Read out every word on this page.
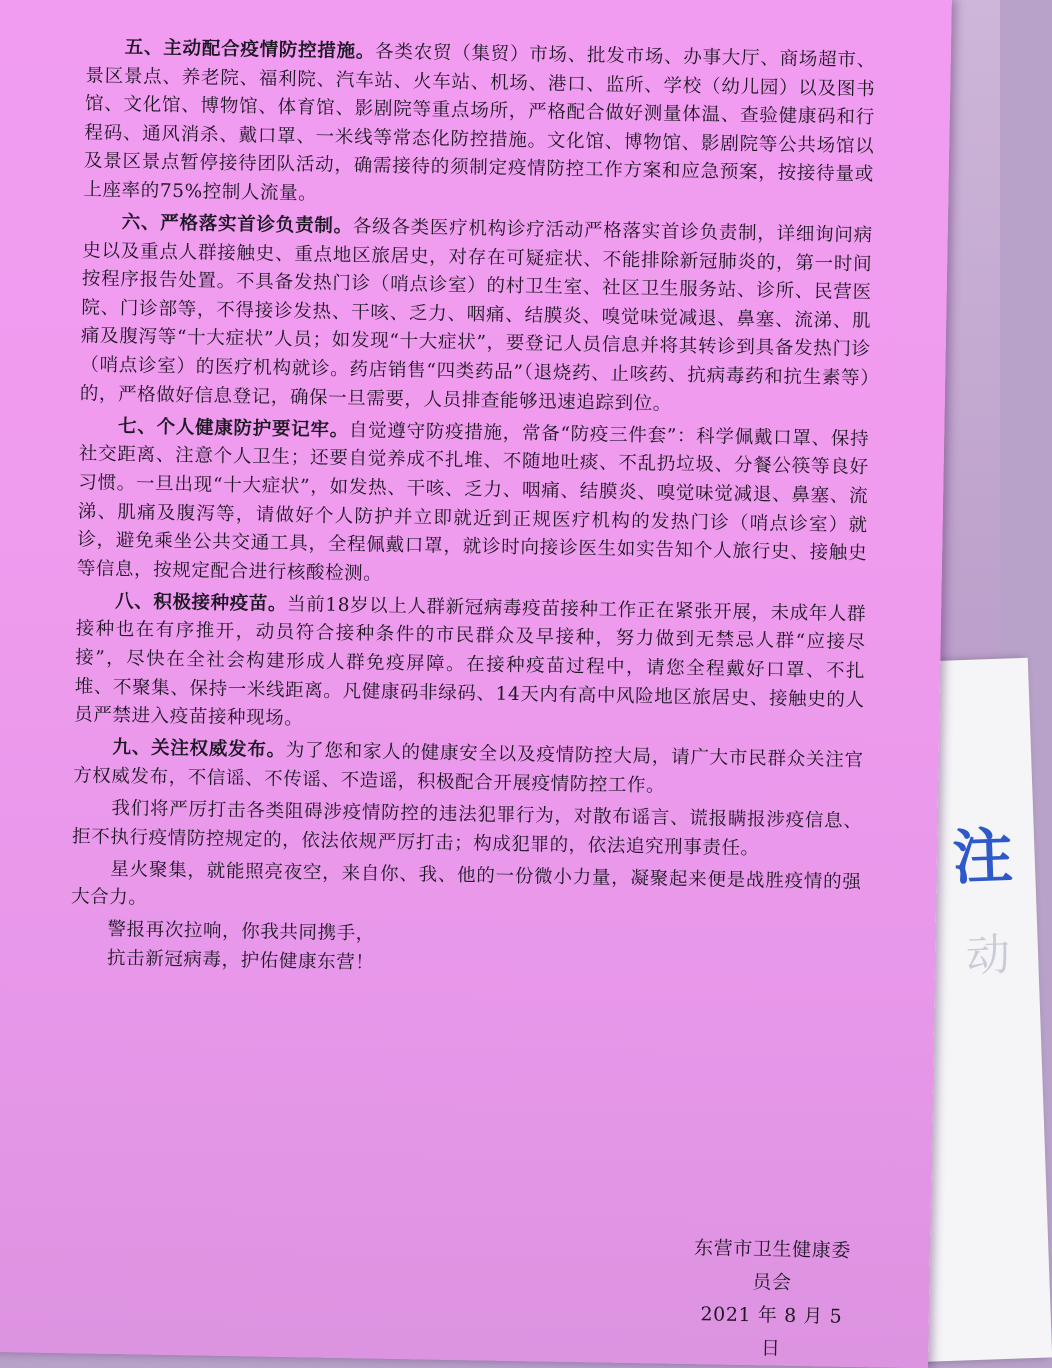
注
动

五、主动配合疫情防控措施。各类农贸（集贸）市场、批发市场、办事大厅、商场超市、景区景点、养老院、福利院、汽车站、火车站、机场、港口、监所、学校（幼儿园）以及图书馆、文化馆、博物馆、体育馆、影剧院等重点场所，严格配合做好测量体温、查验健康码和行程码、通风消杀、戴口罩、一米线等常态化防控措施。文化馆、博物馆、影剧院等公共场馆以及景区景点暂停接待团队活动，确需接待的须制定疫情防控工作方案和应急预案，按接待量或上座率的75%控制人流量。

六、严格落实首诊负责制。各级各类医疗机构诊疗活动严格落实首诊负责制，详细询问病史以及重点人群接触史、重点地区旅居史，对存在可疑症状、不能排除新冠肺炎的，第一时间按程序报告处置。不具备发热门诊（哨点诊室）的村卫生室、社区卫生服务站、诊所、民营医院、门诊部等，不得接诊发热、干咳、乏力、咽痛、结膜炎、嗅觉味觉减退、鼻塞、流涕、肌痛及腹泻等“十大症状”人员；如发现“十大症状”，要登记人员信息并将其转诊到具备发热门诊（哨点诊室）的医疗机构就诊。药店销售“四类药品”（退烧药、止咳药、抗病毒药和抗生素等）的，严格做好信息登记，确保一旦需要，人员排查能够迅速追踪到位。

七、个人健康防护要记牢。自觉遵守防疫措施，常备“防疫三件套”：科学佩戴口罩、保持社交距离、注意个人卫生；还要自觉养成不扎堆、不随地吐痰、不乱扔垃圾、分餐公筷等良好习惯。一旦出现“十大症状”，如发热、干咳、乏力、咽痛、结膜炎、嗅觉味觉减退、鼻塞、流涕、肌痛及腹泻等，请做好个人防护并立即就近到正规医疗机构的发热门诊（哨点诊室）就诊，避免乘坐公共交通工具，全程佩戴口罩，就诊时向接诊医生如实告知个人旅行史、接触史等信息，按规定配合进行核酸检测。

八、积极接种疫苗。当前18岁以上人群新冠病毒疫苗接种工作正在紧张开展，未成年人群接种也在有序推开，动员符合接种条件的市民群众及早接种，努力做到无禁忌人群“应接尽接”，尽快在全社会构建形成人群免疫屏障。在接种疫苗过程中，请您全程戴好口罩、不扎堆、不聚集、保持一米线距离。凡健康码非绿码、14天内有高中风险地区旅居史、接触史的人员严禁进入疫苗接种现场。

九、关注权威发布。为了您和家人的健康安全以及疫情防控大局，请广大市民群众关注官方权威发布，不信谣、不传谣、不造谣，积极配合开展疫情防控工作。

我们将严厉打击各类阻碍涉疫情防控的违法犯罪行为，对散布谣言、谎报瞒报涉疫信息、拒不执行疫情防控规定的，依法依规严厉打击；构成犯罪的，依法追究刑事责任。

星火聚集，就能照亮夜空，来自你、我、他的一份微小力量，凝聚起来便是战胜疫情的强大合力。

警报再次拉响，你我共同携手，

抗击新冠病毒，护佑健康东营！

东营市卫生健康委员会
2021 年 8 月 5 日
